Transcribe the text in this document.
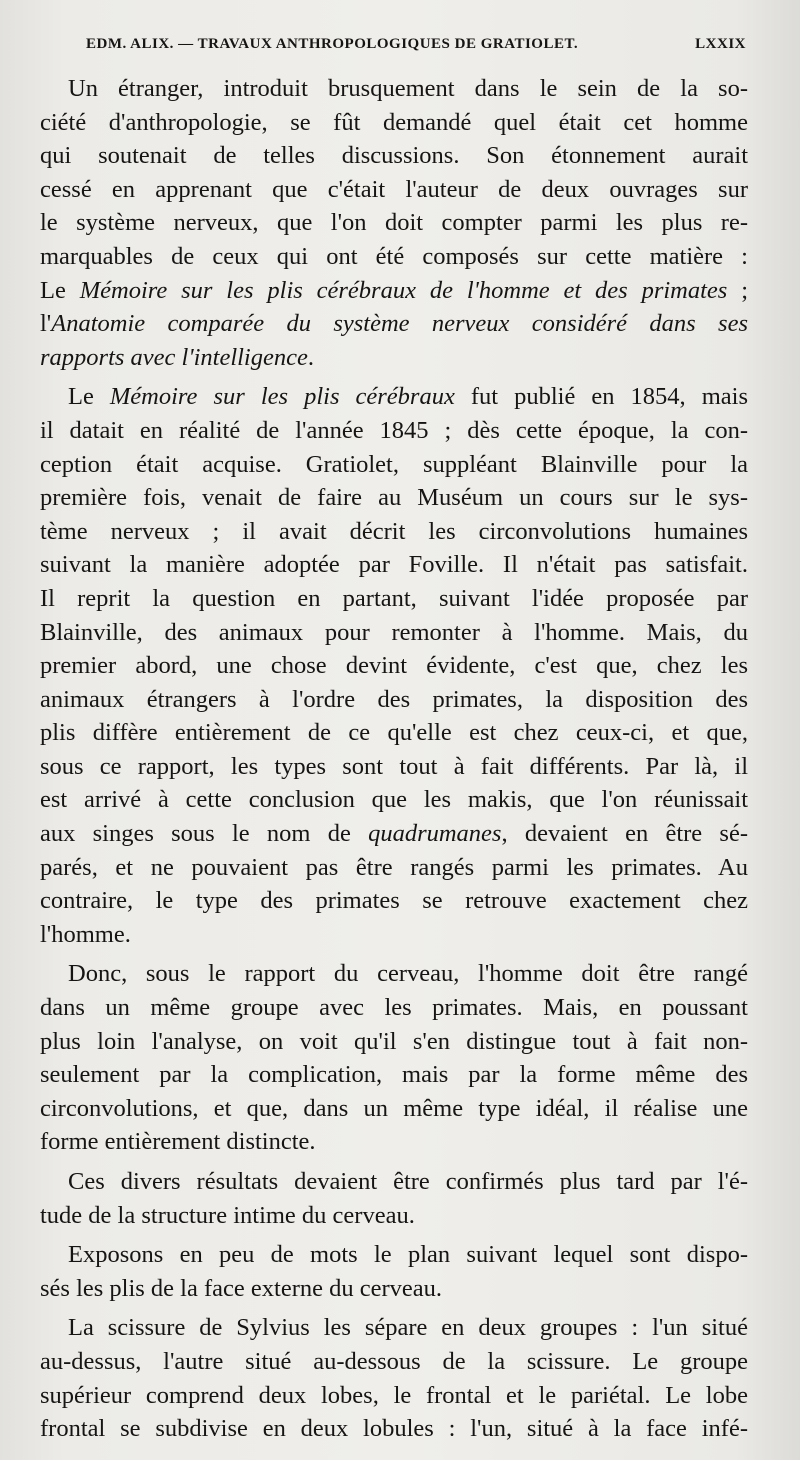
EDM. ALIX. — TRAVAUX ANTHROPOLOGIQUES DE GRATIOLET.	LXXIX
Un étranger, introduit brusquement dans le sein de la so-
ciété d'anthropologie, se fût demandé quel était cet homme
qui soutenait de telles discussions. Son étonnement aurait
cessé en apprenant que c'était l'auteur de deux ouvrages sur
le système nerveux, que l'on doit compter parmi les plus re-
marquables de ceux qui ont été composés sur cette matière :
Le Mémoire sur les plis cérébraux de l'homme et des primates ;
l'Anatomie comparée du système nerveux considéré dans ses
rapports avec l'intelligence.
Le Mémoire sur les plis cérébraux fut publié en 1854, mais
il datait en réalité de l'année 1845 ; dès cette époque, la con-
ception était acquise. Gratiolet, suppléant Blainville pour la
première fois, venait de faire au Muséum un cours sur le sys-
tème nerveux ; il avait décrit les circonvolutions humaines
suivant la manière adoptée par Foville. Il n'était pas satisfait.
Il reprit la question en partant, suivant l'idée proposée par
Blainville, des animaux pour remonter à l'homme. Mais, du
premier abord, une chose devint évidente, c'est que, chez les
animaux étrangers à l'ordre des primates, la disposition des
plis diffère entièrement de ce qu'elle est chez ceux-ci, et que,
sous ce rapport, les types sont tout à fait différents. Par là, il
est arrivé à cette conclusion que les makis, que l'on réunissait
aux singes sous le nom de quadrumanes, devaient en être sé-
parés, et ne pouvaient pas être rangés parmi les primates. Au
contraire, le type des primates se retrouve exactement chez
l'homme.
Donc, sous le rapport du cerveau, l'homme doit être rangé
dans un même groupe avec les primates. Mais, en poussant
plus loin l'analyse, on voit qu'il s'en distingue tout à fait non-
seulement par la complication, mais par la forme même des
circonvolutions, et que, dans un même type idéal, il réalise une
forme entièrement distincte.
Ces divers résultats devaient être confirmés plus tard par l'é-
tude de la structure intime du cerveau.
Exposons en peu de mots le plan suivant lequel sont dispo-
sés les plis de la face externe du cerveau.
La scissure de Sylvius les sépare en deux groupes : l'un situé
au-dessus, l'autre situé au-dessous de la scissure. Le groupe
supérieur comprend deux lobes, le frontal et le pariétal. Le lobe
frontal se subdivise en deux lobules : l'un, situé à la face infé-
